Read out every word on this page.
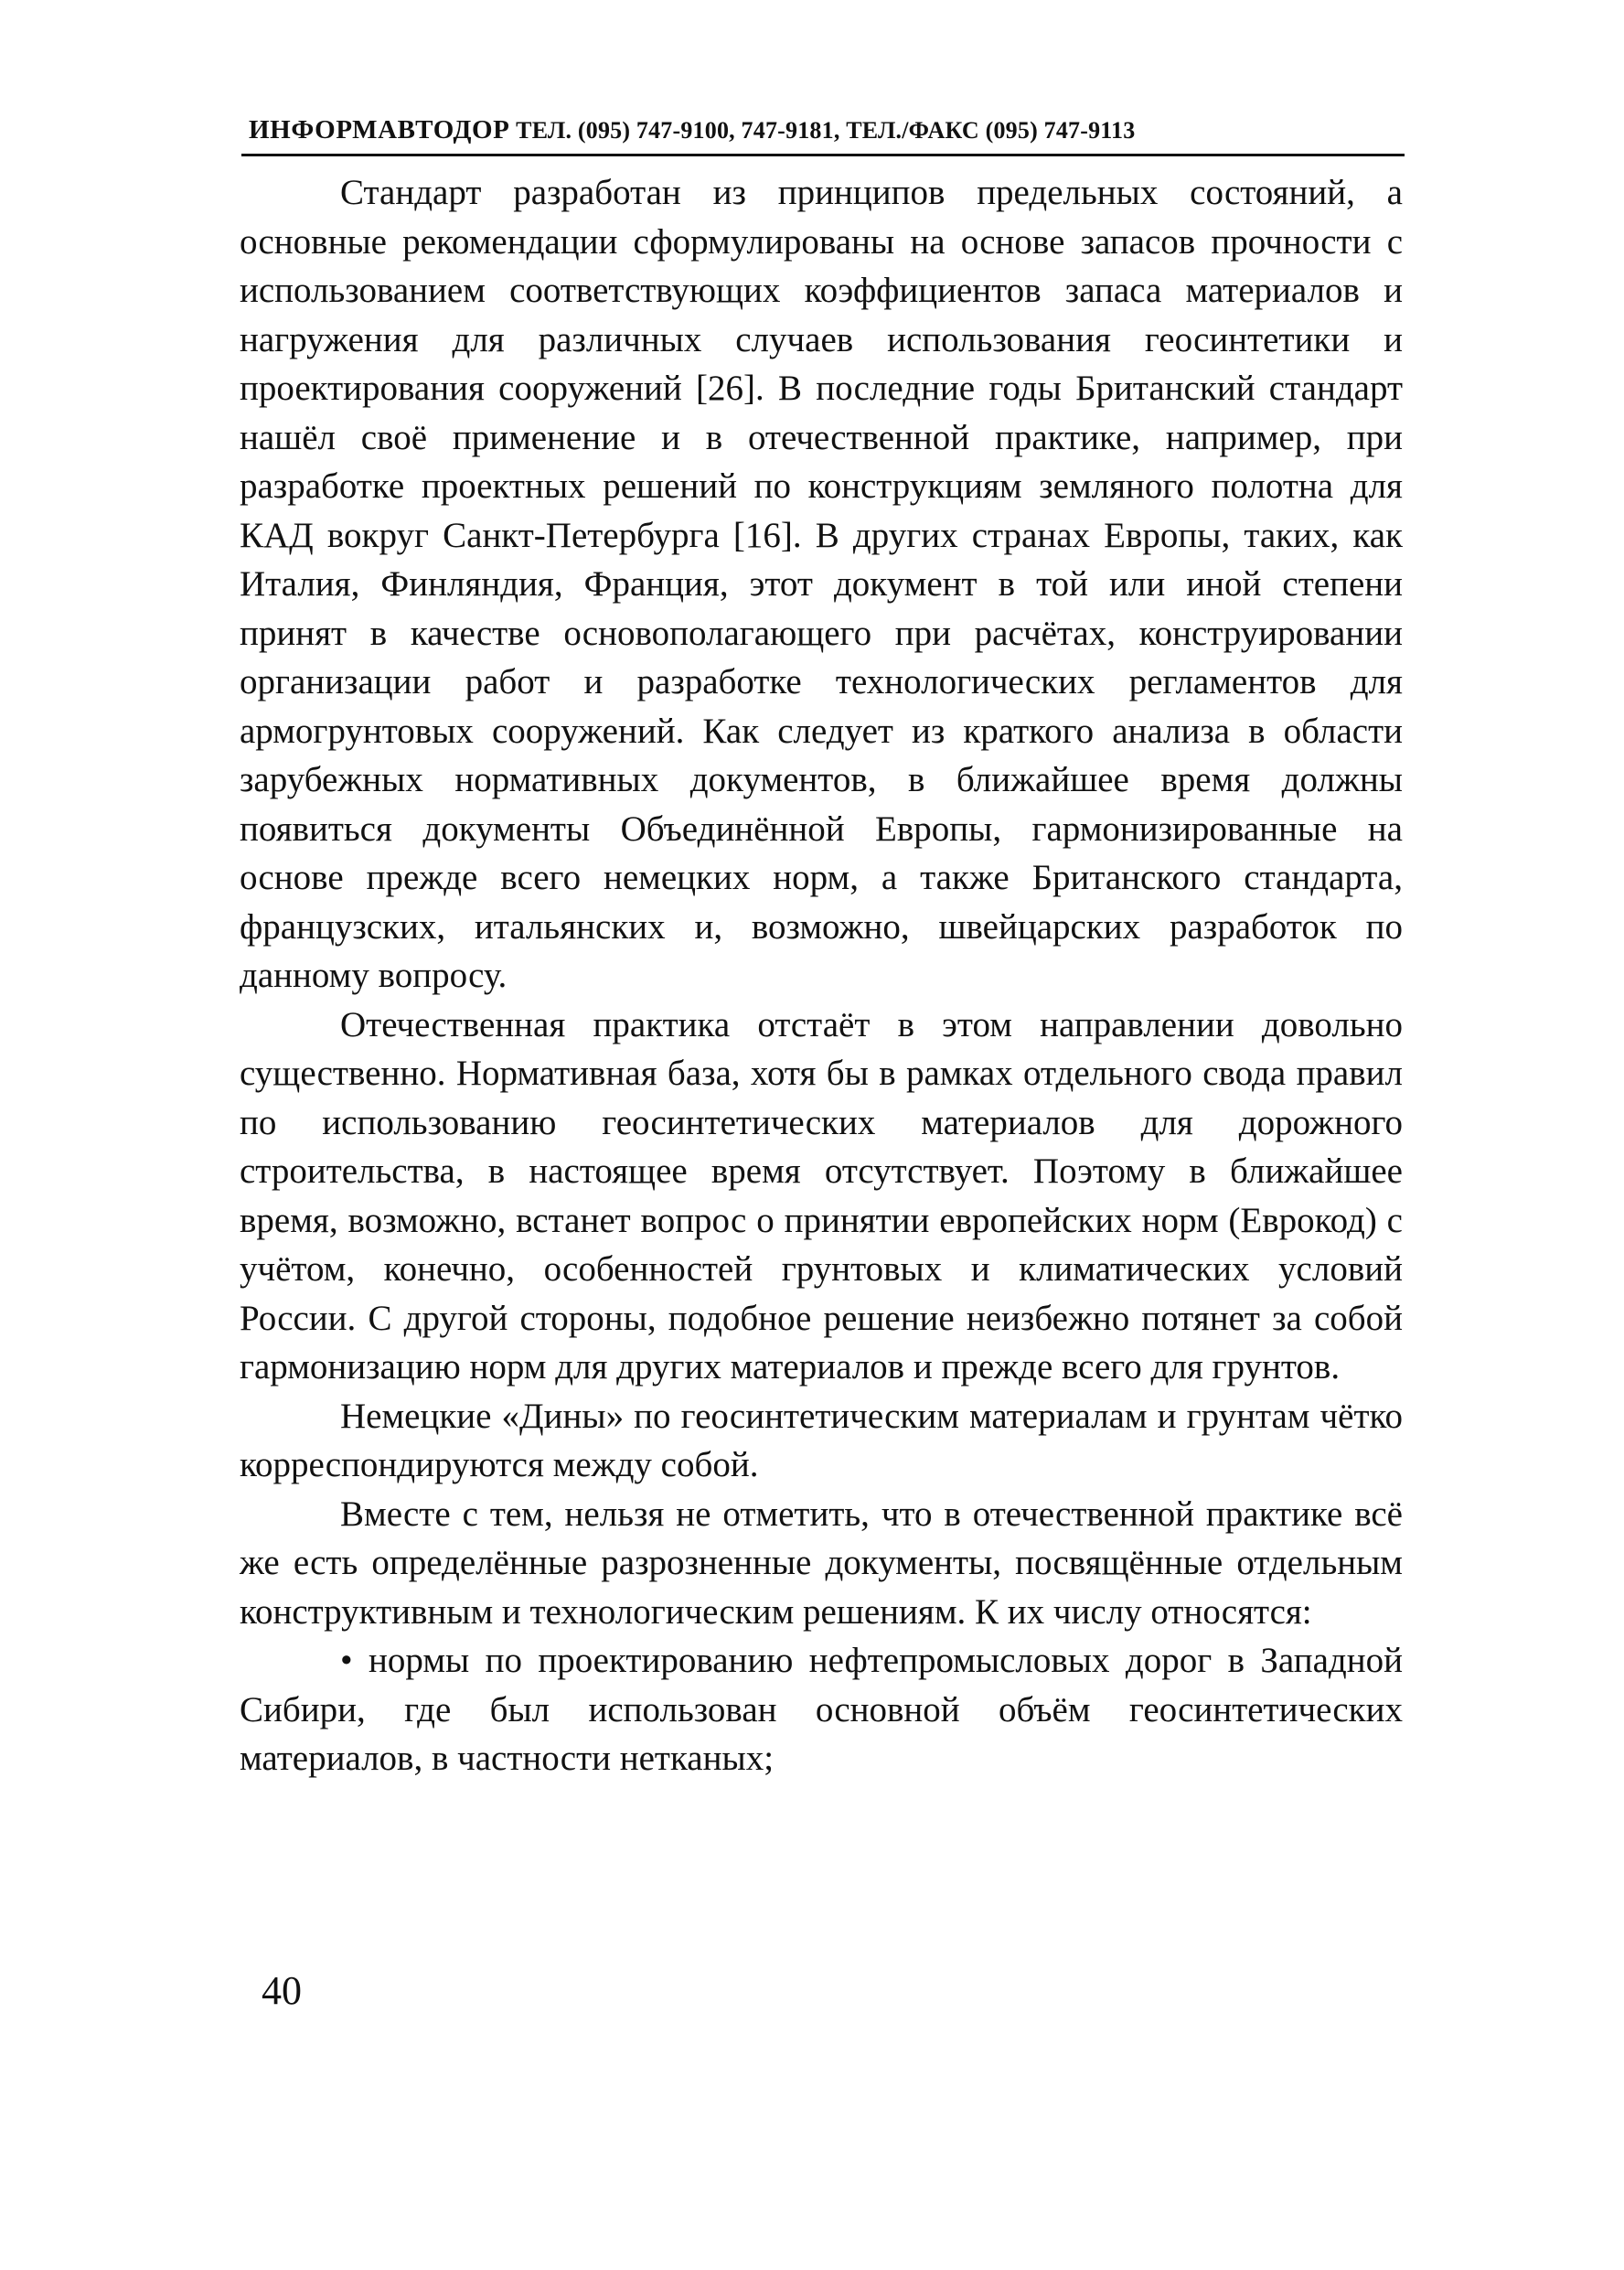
ИНФОРМАВТОДОР ТЕЛ. (095) 747-9100, 747-9181, ТЕЛ./ФАКС (095) 747-9113

Стандарт разработан из принципов предельных состояний, а основные рекомендации сформулированы на основе запасов прочности с использованием соответствующих коэффициентов запаса материалов и нагружения для различных случаев использования геосинтетики и проектирования сооружений [26]. В последние годы Британский стандарт нашёл своё применение и в отечественной практике, например, при разработке проектных решений по конструкциям земляного полотна для КАД вокруг Санкт-Петербурга [16]. В других странах Европы, таких, как Италия, Финляндия, Франция, этот документ в той или иной степени принят в качестве основополагающего при расчётах, конструировании организации работ и разработке технологических регламентов для армогрунтовых сооружений. Как следует из краткого анализа в области зарубежных нормативных документов, в ближайшее время должны появиться документы Объединённой Европы, гармонизированные на основе прежде всего немецких норм, а также Британского стандарта, французских, итальянских и, возможно, швейцарских разработок по данному вопросу.

Отечественная практика отстаёт в этом направлении довольно существенно. Нормативная база, хотя бы в рамках отдельного свода правил по использованию геосинтетических материалов для дорожного строительства, в настоящее время отсутствует. Поэтому в ближайшее время, возможно, встанет вопрос о принятии европейских норм (Еврокод) с учётом, конечно, особенностей грунтовых и климатических условий России. С другой стороны, подобное решение неизбежно потянет за собой гармонизацию норм для других материалов и прежде всего для грунтов.

Немецкие «Дины» по геосинтетическим материалам и грунтам чётко корреспондируются между собой.

Вместе с тем, нельзя не отметить, что в отечественной практике всё же есть определённые разрозненные документы, посвящённые отдельным конструктивным и технологическим решениям. К их числу относятся:

• нормы по проектированию нефтепромысловых дорог в Западной Сибири, где был использован основной объём геосинтетических материалов, в частности нетканых;

40
